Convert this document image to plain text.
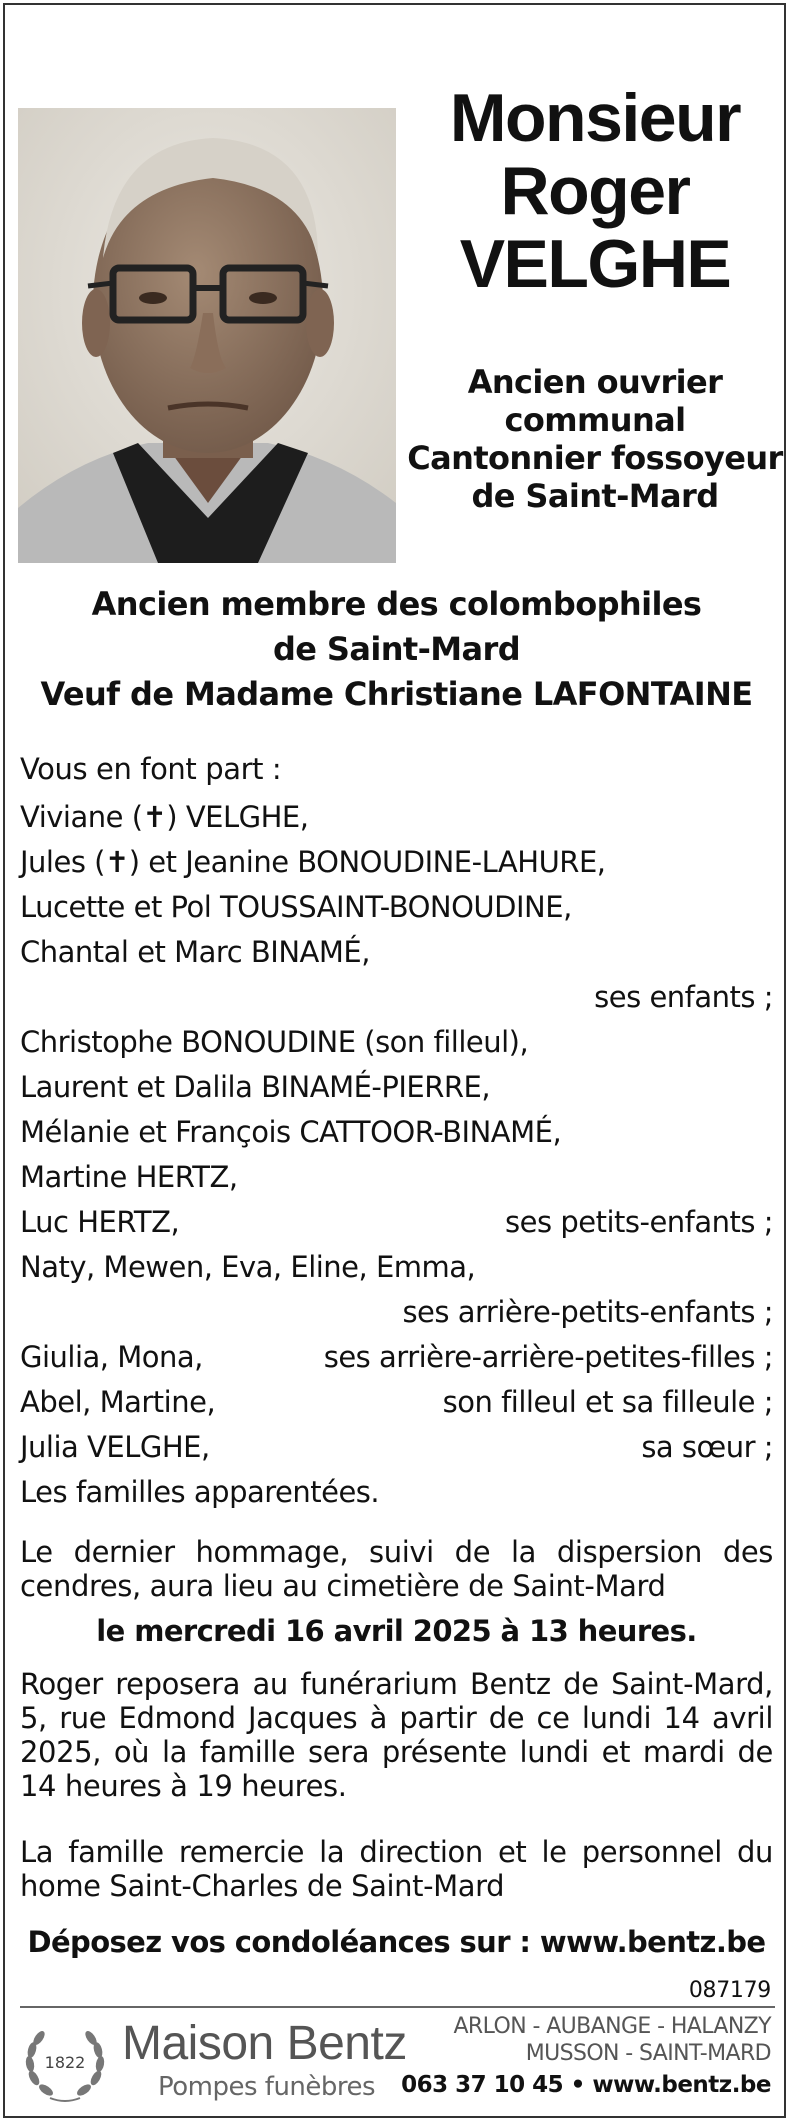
Monsieur
Roger
VELGHE
Ancien ouvrier
communal
Cantonnier fossoyeur
de Saint-Mard
Ancien membre des colombophiles
de Saint-Mard
Veuf de Madame Christiane LAFONTAINE
Vous en font part :
Viviane (✝) VELGHE,
Jules (✝) et Jeanine BONOUDINE-LAHURE,
Lucette et Pol TOUSSAINT-BONOUDINE,
Chantal et Marc BINAMÉ,
ses enfants ;
Christophe BONOUDINE (son filleul),
Laurent et Dalila BINAMÉ-PIERRE,
Mélanie et François CATTOOR-BINAMÉ,
Martine HERTZ,
Luc HERTZ,	ses petits-enfants ;
Naty, Mewen, Eva, Eline, Emma,
ses arrière-petits-enfants ;
Giulia, Mona,	ses arrière-arrière-petites-filles ;
Abel, Martine,	son filleul et sa filleule ;
Julia VELGHE,	sa sœur ;
Les familles apparentées.
Le dernier hommage, suivi de la dispersion des cendres, aura lieu au cimetière de Saint-Mard
le mercredi 16 avril 2025 à 13 heures.
Roger reposera au funérarium Bentz de Saint-Mard, 5, rue Edmond Jacques à partir de ce lundi 14 avril 2025, où la famille sera présente lundi et mardi de 14 heures à 19 heures.
La famille remercie la direction et le personnel du home Saint-Charles de Saint-Mard
Déposez vos condoléances sur : www.bentz.be
087179
1822 Maison Bentz
Pompes funèbres
ARLON - AUBANGE - HALANZY
MUSSON - SAINT-MARD
063 37 10 45 • www.bentz.be
